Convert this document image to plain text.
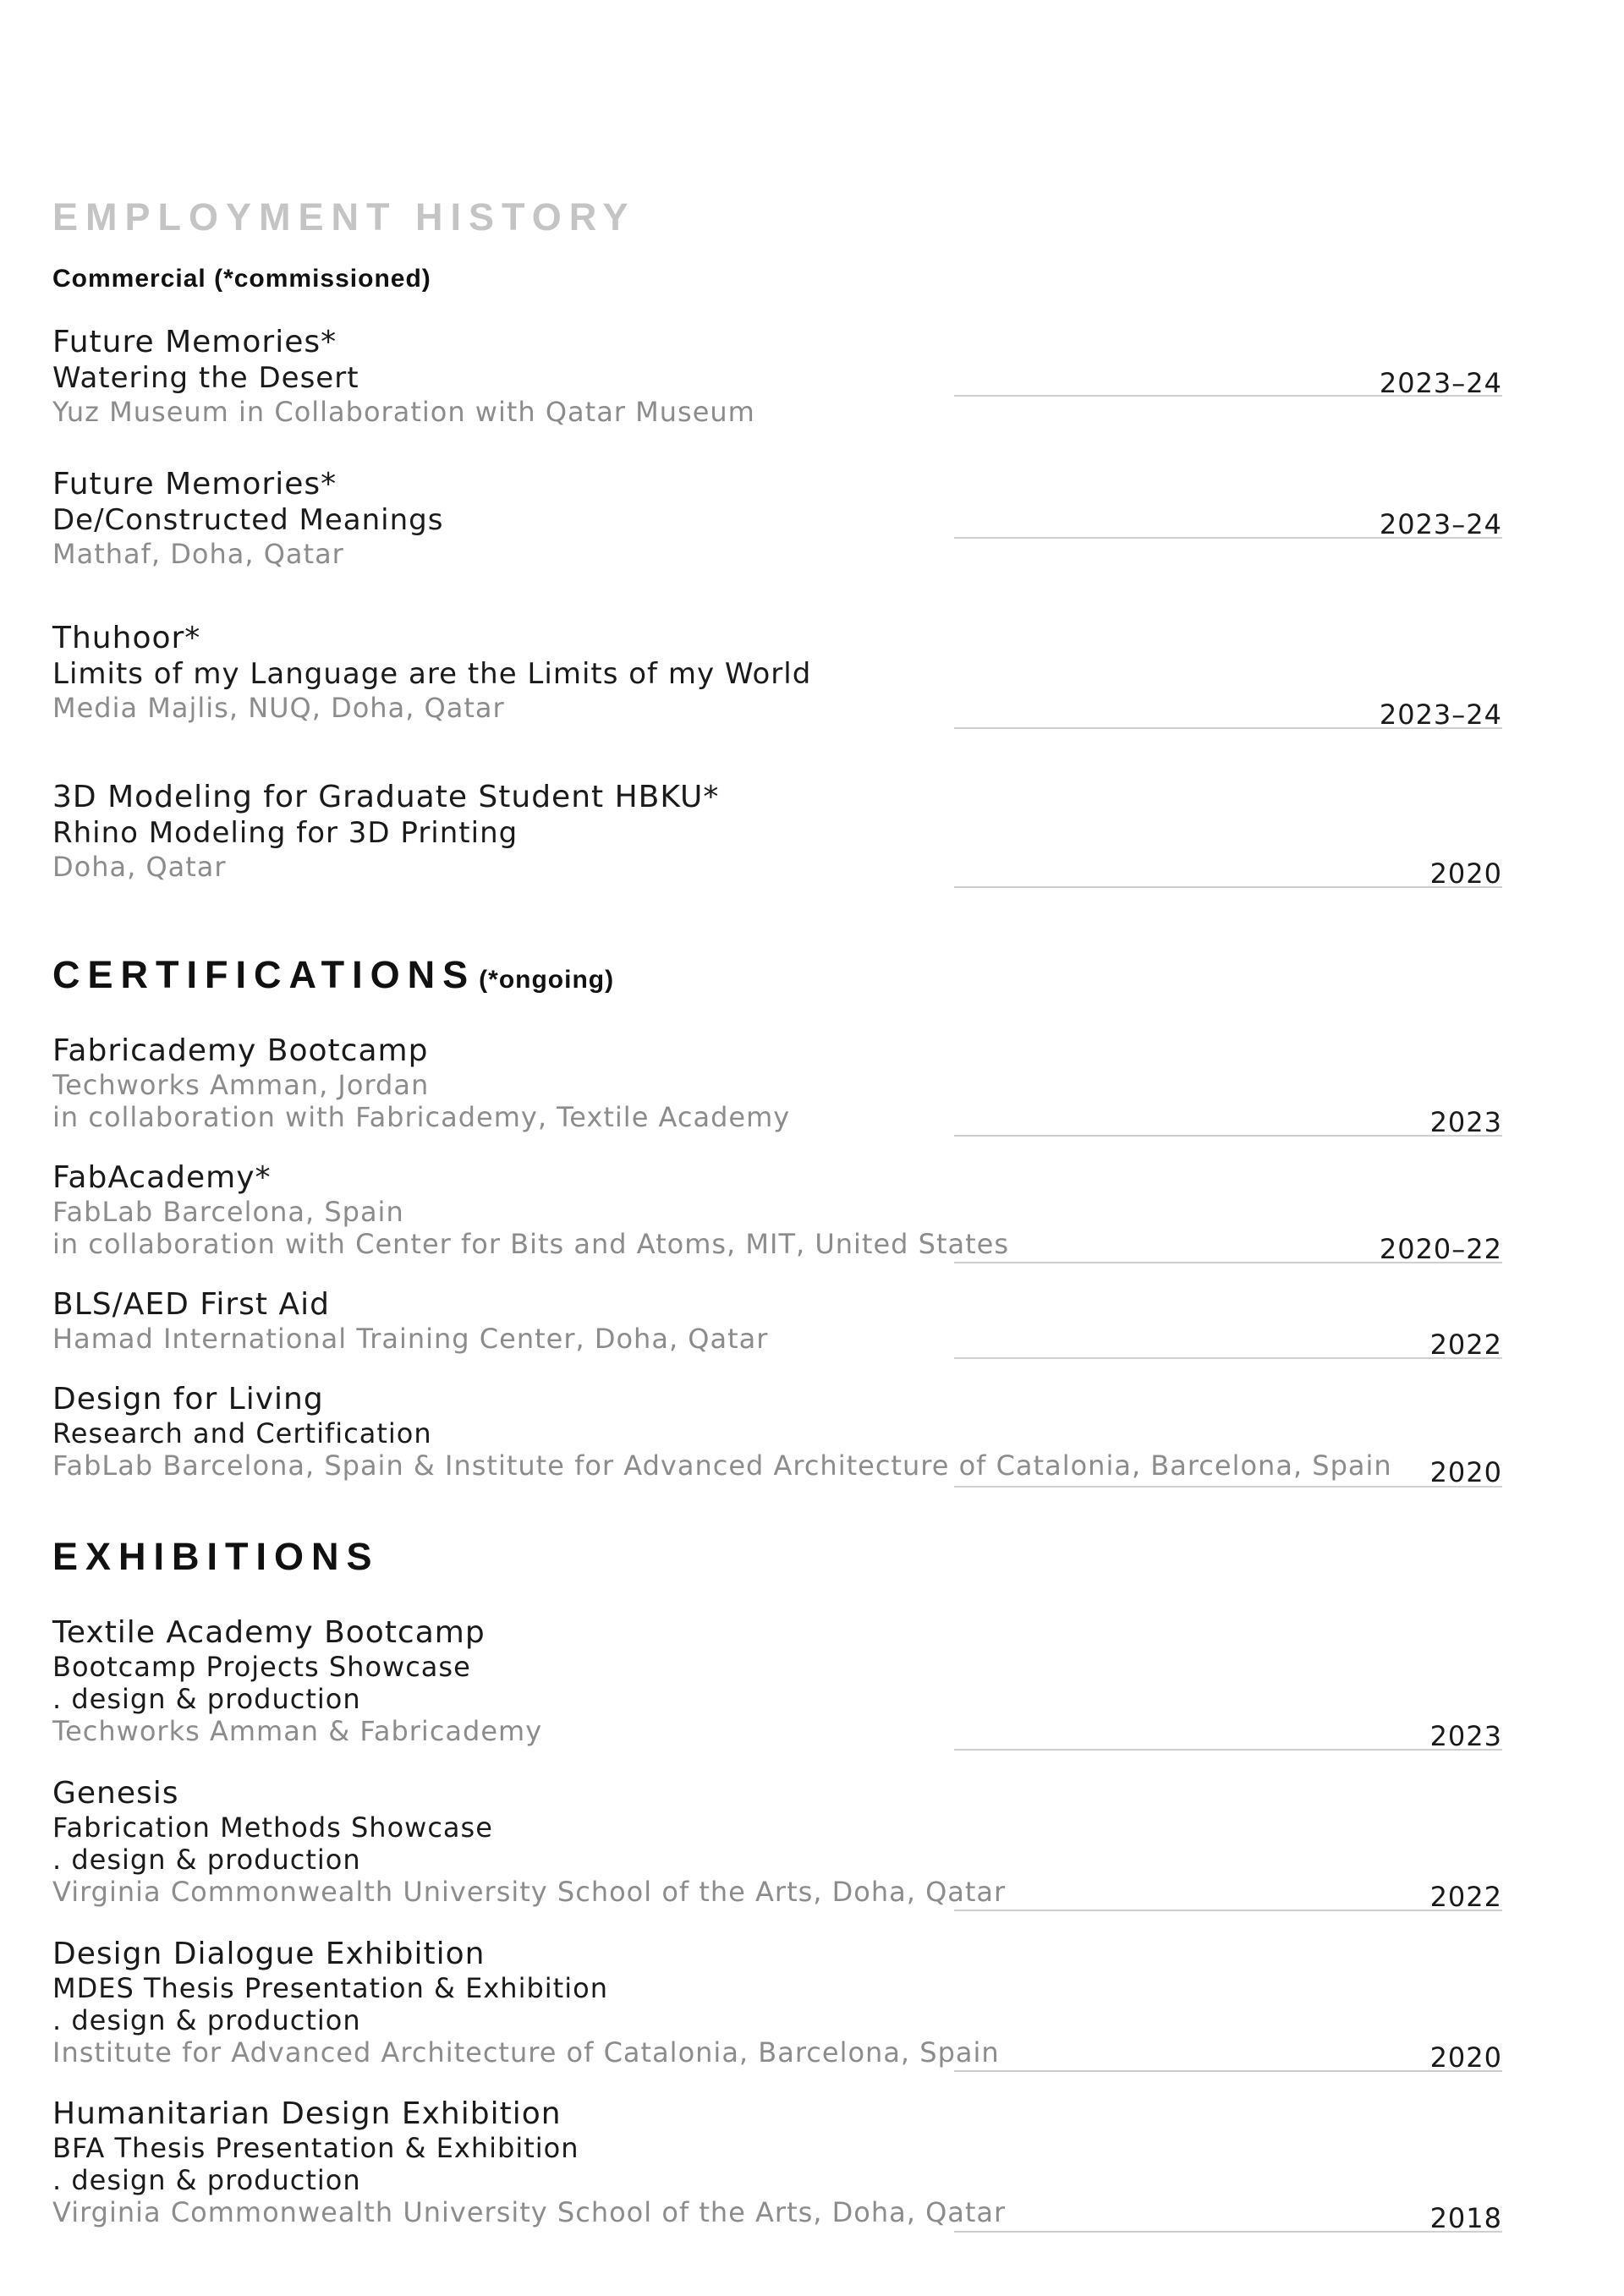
EMPLOYMENT HISTORY
Commercial (*commissioned)
Future Memories*
Watering the Desert
Yuz Museum in Collaboration with Qatar Museum
2023–24
Future Memories*
De/Constructed Meanings
Mathaf, Doha, Qatar
2023–24
Thuhoor*
Limits of my Language are the Limits of my World
Media Majlis, NUQ, Doha, Qatar	2023–24
3D Modeling for Graduate Student HBKU*
Rhino Modeling for 3D Printing
Doha, Qatar	2020
CERTIFICATIONS (*ongoing)
Fabricademy Bootcamp
Techworks Amman, Jordan
in collaboration with Fabricademy, Textile Academy	2023
FabAcademy*
FabLab Barcelona, Spain
in collaboration with Center for Bits and Atoms, MIT, United States	2020–22
BLS/AED First Aid
Hamad International Training Center, Doha, Qatar	2022
Design for Living
Research and Certification
FabLab Barcelona, Spain & Institute for Advanced Architecture of Catalonia, Barcelona, Spain 2020
EXHIBITIONS
Textile Academy Bootcamp
Bootcamp Projects Showcase
. design & production
Techworks Amman & Fabricademy	2023
Genesis
Fabrication Methods Showcase
. design & production
Virginia Commonwealth University School of the Arts, Doha, Qatar	2022
Design Dialogue Exhibition
MDES Thesis Presentation & Exhibition
. design & production
Institute for Advanced Architecture of Catalonia, Barcelona, Spain	2020
Humanitarian Design Exhibition
BFA Thesis Presentation & Exhibition
. design & production
Virginia Commonwealth University School of the Arts, Doha, Qatar	2018
